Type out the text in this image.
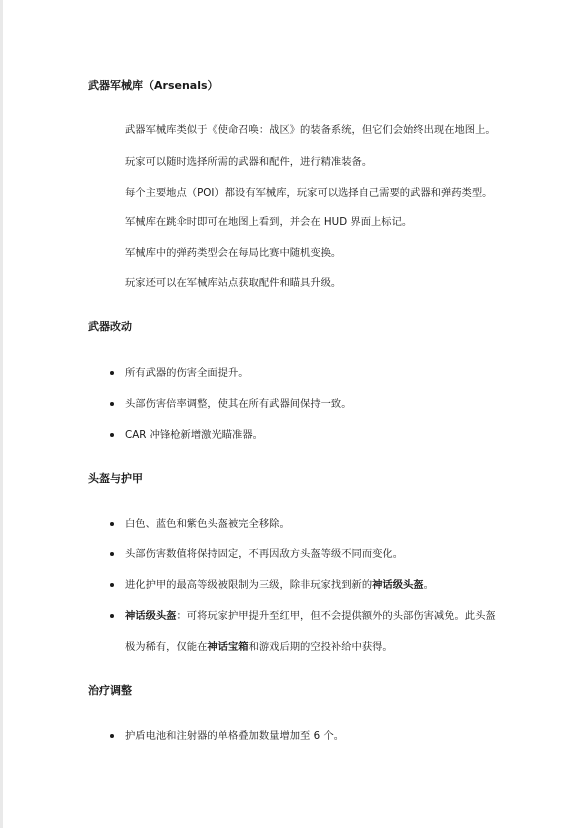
武器军械库（Arsenals）
武器军械库类似于《使命召唤：战区》的装备系统，但它们会始终出现在地图上。
玩家可以随时选择所需的武器和配件，进行精准装备。
每个主要地点（POI）都设有军械库，玩家可以选择自己需要的武器和弹药类型。
军械库在跳伞时即可在地图上看到，并会在 HUD 界面上标记。
军械库中的弹药类型会在每局比赛中随机变换。
玩家还可以在军械库站点获取配件和瞄具升级。
武器改动
所有武器的伤害全面提升。
头部伤害倍率调整，使其在所有武器间保持一致。
CAR 冲锋枪新增激光瞄准器。
头盔与护甲
白色、蓝色和紫色头盔被完全移除。
头部伤害数值将保持固定，不再因敌方头盔等级不同而变化。
进化护甲的最高等级被限制为三级，除非玩家找到新的神话级头盔。
神话级头盔：可将玩家护甲提升至红甲，但不会提供额外的头部伤害减免。此头盔
极为稀有，仅能在神话宝箱和游戏后期的空投补给中获得。
治疗调整
护盾电池和注射器的单格叠加数量增加至 6 个。
